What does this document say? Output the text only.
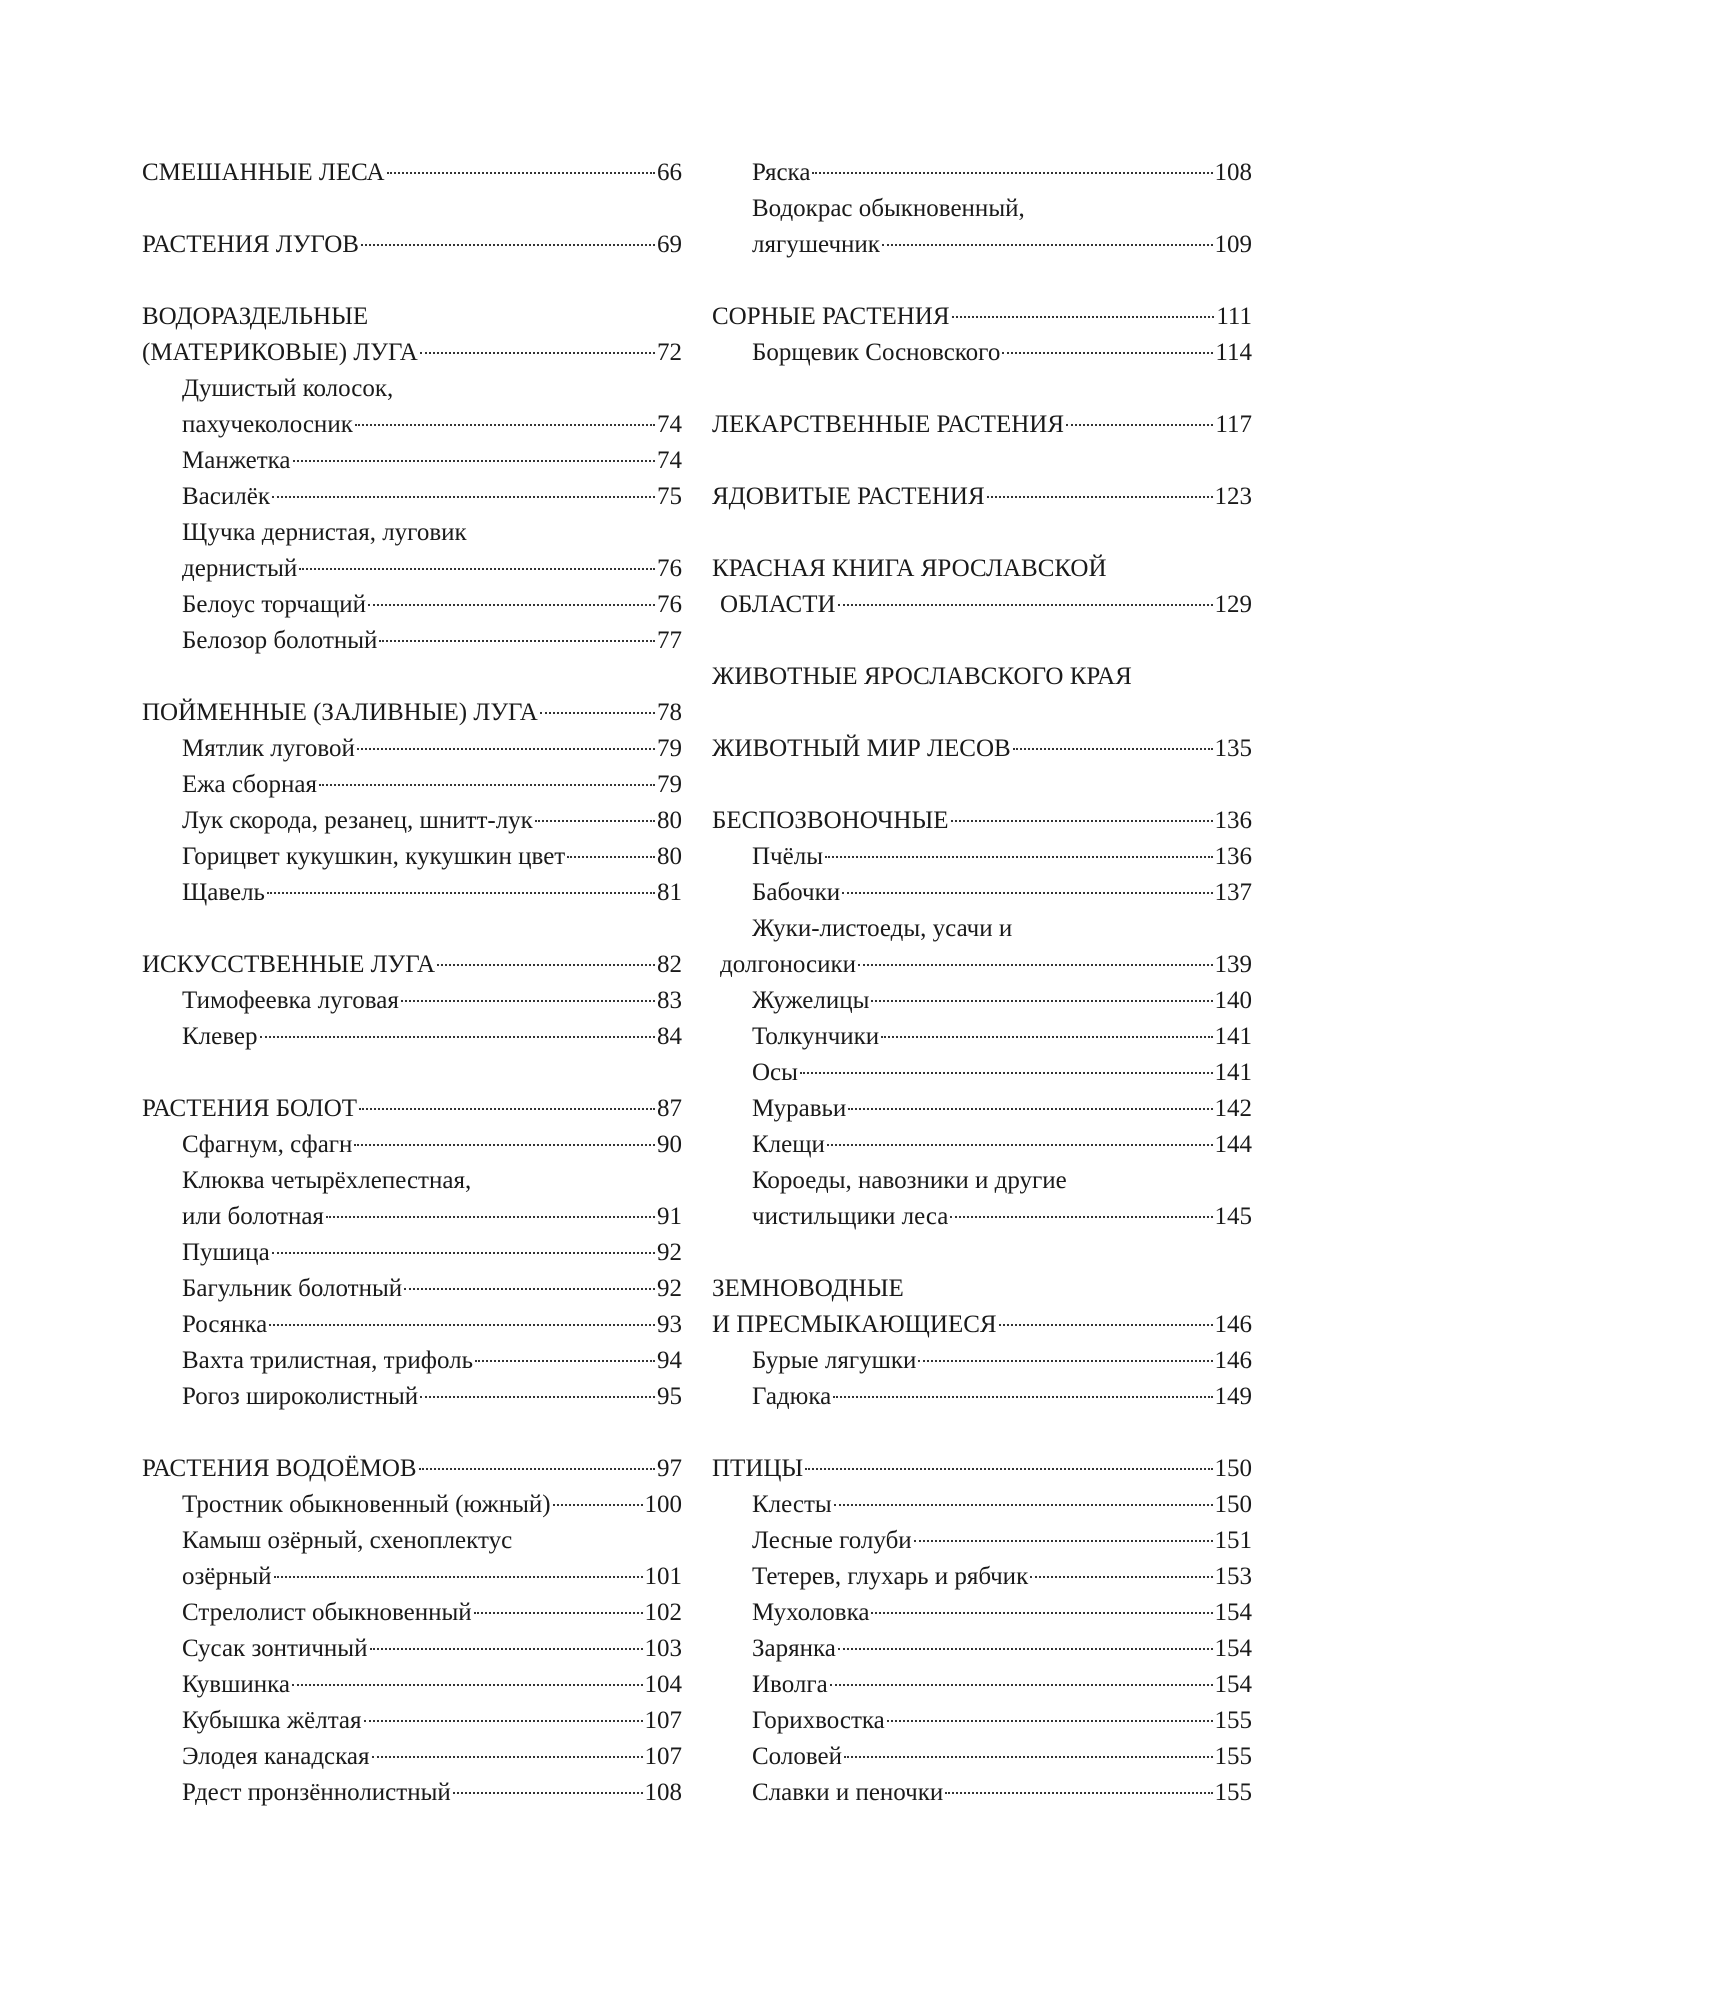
СМЕШАННЫЕ ЛЕСА	66
РАСТЕНИЯ ЛУГОВ	69
ВОДОРАЗДЕЛЬНЫЕ
(МАТЕРИКОВЫЕ) ЛУГА	72
Душистый колосок,
пахучеколосник	74
Манжетка	74
Василёк	75
Щучка дернистая, луговик
дернистый	76
Белоус торчащий	76
Белозор болотный	77
ПОЙМЕННЫЕ (ЗАЛИВНЫЕ) ЛУГА	78
Мятлик луговой	79
Ежа сборная	79
Лук скорода, резанец, шнитт-лук	80
Горицвет кукушкин, кукушкин цвет	80
Щавель	81
ИСКУССТВЕННЫЕ ЛУГА	82
Тимофеевка луговая	83
Клевер	84
РАСТЕНИЯ БОЛОТ	87
Сфагнум, сфагн	90
Клюква четырёхлепестная,
или болотная	91
Пушица	92
Багульник болотный	92
Росянка	93
Вахта трилистная, трифоль	94
Рогоз широколистный	95
РАСТЕНИЯ ВОДОЁМОВ	97
Тростник обыкновенный (южный)	100
Камыш озёрный, схеноплектус
озёрный	101
Стрелолист обыкновенный	102
Сусак зонтичный	103
Кувшинка	104
Кубышка жёлтая	107
Элодея канадская	107
Рдест пронзённолистный	108
Ряска	108
Водокрас обыкновенный,
лягушечник	109
СОРНЫЕ РАСТЕНИЯ	111
Борщевик Сосновского	114
ЛЕКАРСТВЕННЫЕ РАСТЕНИЯ	117
ЯДОВИТЫЕ РАСТЕНИЯ	123
КРАСНАЯ КНИГА ЯРОСЛАВСКОЙ
ОБЛАСТИ	129
ЖИВОТНЫЕ ЯРОСЛАВСКОГО КРАЯ
ЖИВОТНЫЙ МИР ЛЕСОВ	135
БЕСПОЗВОНОЧНЫЕ	136
Пчёлы	136
Бабочки	137
Жуки-листоеды, усачи и
долгоносики	139
Жужелицы	140
Толкунчики	141
Осы	141
Муравьи	142
Клещи	144
Короеды, навозники и другие
чистильщики леса	145
ЗЕМНОВОДНЫЕ
И ПРЕСМЫКАЮЩИЕСЯ	146
Бурые лягушки	146
Гадюка	149
ПТИЦЫ	150
Клесты	150
Лесные голуби	151
Тетерев, глухарь и рябчик	153
Мухоловка	154
Зарянка	154
Иволга	154
Горихвостка	155
Соловей	155
Славки и пеночки	155
